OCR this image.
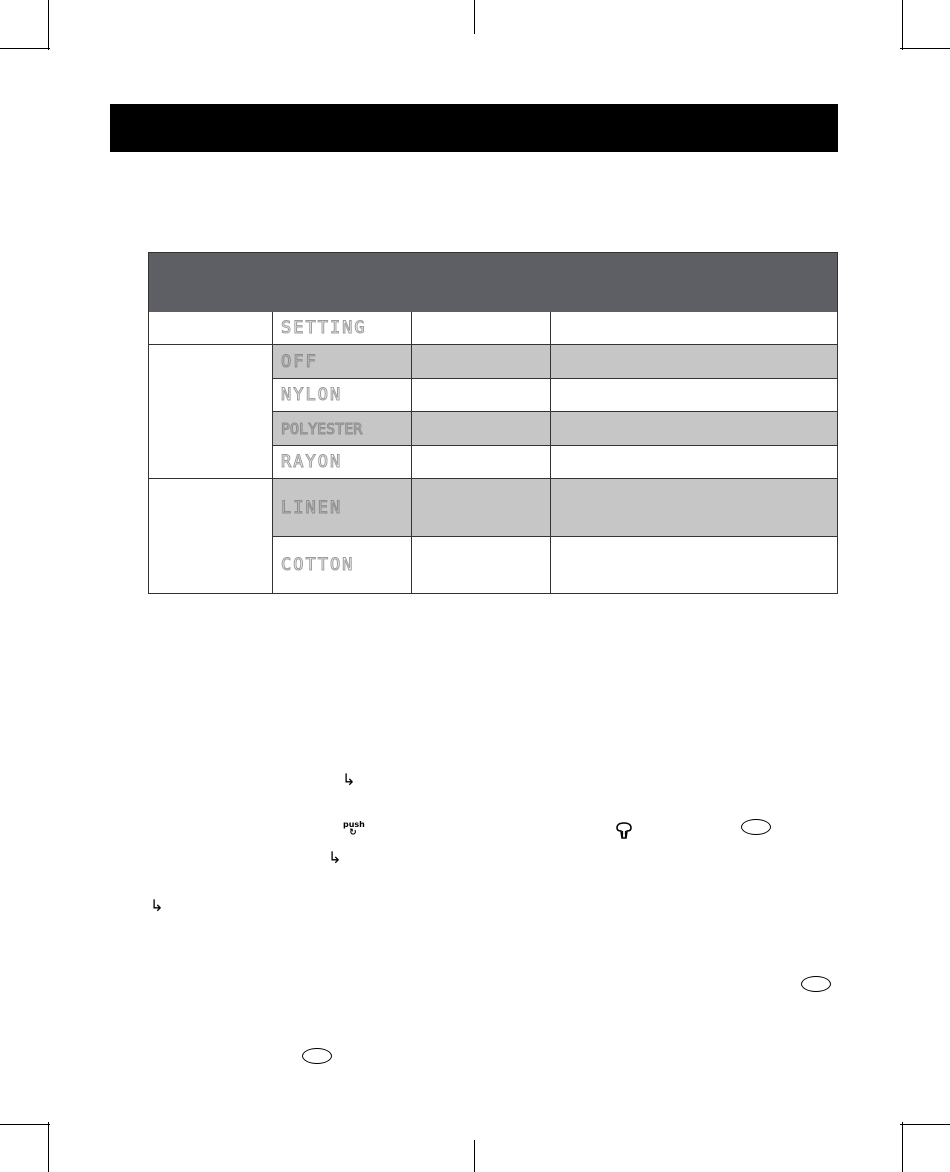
SETTING
OFF
NYLON
POLYESTER
RAYON
LINEN
COTTON
↳
push
↻
↳
↳
